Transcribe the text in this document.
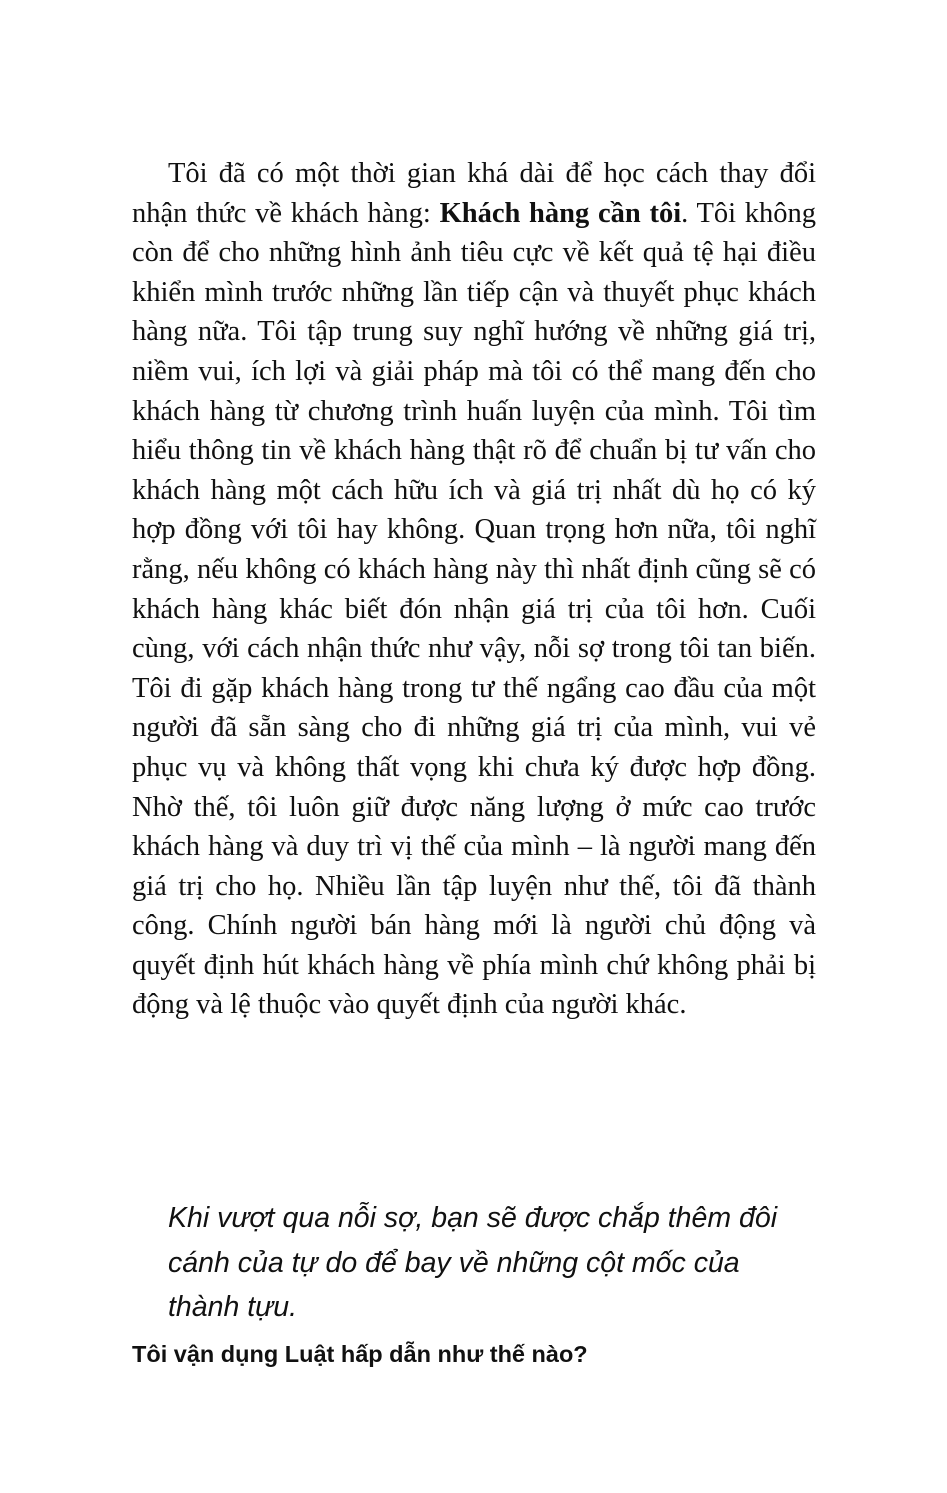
Tôi đã có một thời gian khá dài để học cách thay đổi nhận thức về khách hàng: Khách hàng cần tôi. Tôi không còn để cho những hình ảnh tiêu cực về kết quả tệ hại điều khiển mình trước những lần tiếp cận và thuyết phục khách hàng nữa. Tôi tập trung suy nghĩ hướng về những giá trị, niềm vui, ích lợi và giải pháp mà tôi có thể mang đến cho khách hàng từ chương trình huấn luyện của mình. Tôi tìm hiểu thông tin về khách hàng thật rõ để chuẩn bị tư vấn cho khách hàng một cách hữu ích và giá trị nhất dù họ có ký hợp đồng với tôi hay không. Quan trọng hơn nữa, tôi nghĩ rằng, nếu không có khách hàng này thì nhất định cũng sẽ có khách hàng khác biết đón nhận giá trị của tôi hơn. Cuối cùng, với cách nhận thức như vậy, nỗi sợ trong tôi tan biến. Tôi đi gặp khách hàng trong tư thế ngẩng cao đầu của một người đã sẵn sàng cho đi những giá trị của mình, vui vẻ phục vụ và không thất vọng khi chưa ký được hợp đồng. Nhờ thế, tôi luôn giữ được năng lượng ở mức cao trước khách hàng và duy trì vị thế của mình – là người mang đến giá trị cho họ. Nhiều lần tập luyện như thế, tôi đã thành công. Chính người bán hàng mới là người chủ động và quyết định hút khách hàng về phía mình chứ không phải bị động và lệ thuộc vào quyết định của người khác.

Khi vượt qua nỗi sợ, bạn sẽ được chắp thêm đôi cánh của tự do để bay về những cột mốc của thành tựu.

Tôi vận dụng Luật hấp dẫn như thế nào?
